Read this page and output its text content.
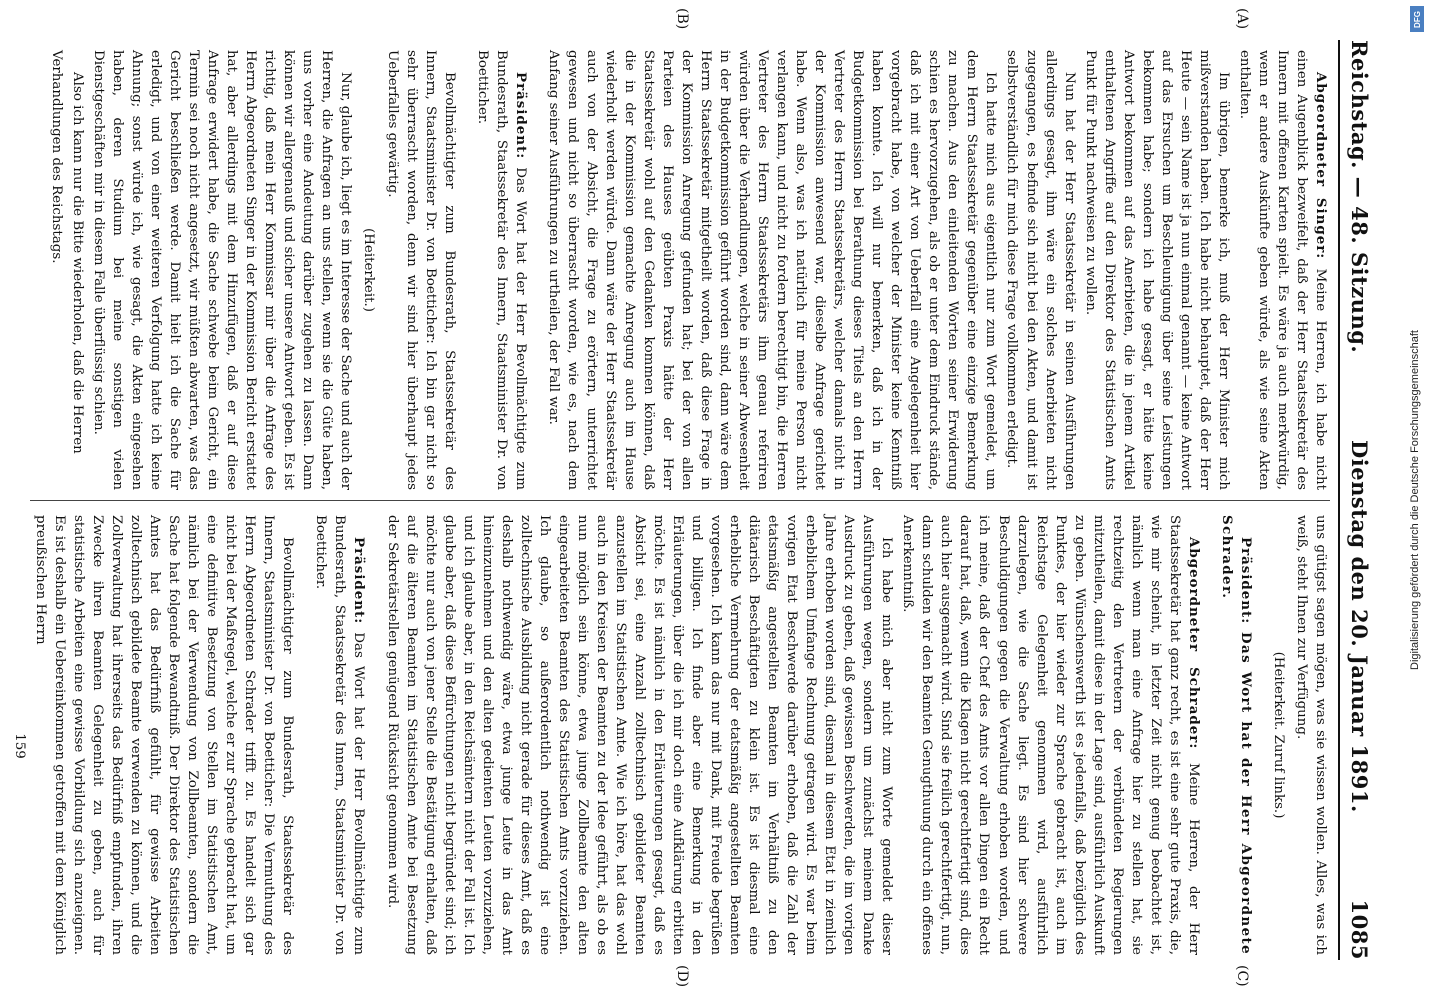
Reichstag. — 48. Sitzung.
Dienstag den 20. Januar 1891.
1085
(A)
(B)
(C)
(D)

Abgeordneter Singer: Meine Herren, ich habe nicht einen Augenblick bezweifelt, daß der Herr Staatssekretär des Innern mit offenen Karten spielt. Es wäre ja auch merkwürdig, wenn er andere Auskünfte geben würde, als wie seine Akten enthalten.

Im übrigen, bemerke ich, muß der Herr Minister mich mißverstanden haben. Ich habe nicht behauptet, daß der Herr Heute — sein Name ist ja nun einmal genannt — keine Antwort auf das Ersuchen um Beschleunigung über seine Leistungen bekommen habe; sondern ich habe gesagt, er hätte keine Antwort bekommen auf das Anerbieten, die in jenem Artikel enthaltenen Angriffe auf den Direktor des Statistischen Amts Punkt für Punkt nachweisen zu wollen.

Nun hat der Herr Staatssekretär in seinen Ausführungen allerdings gesagt, ihm wäre ein solches Anerbieten nicht zugegangen, es befinde sich nicht bei den Akten, und damit ist selbstverständlich für mich diese Frage vollkommen erledigt.

Ich hatte mich aus eigentlich nur zum Wort gemeldet, um dem Herrn Staatssekretär gegenüber eine einzige Bemerkung zu machen. Aus den einleitenden Worten seiner Erwiderung schien es hervorzugehen, als ob er unter dem Eindruck stände, daß ich mit einer Art von Ueberfall eine Angelegenheit hier vorgebracht habe, von welcher der Minister keine Kenntniß haben konnte. Ich will nur bemerken, daß ich in der Budgetkommission bei Berathung dieses Titels an den Herrn Vertreter des Herrn Staatssekretärs, welcher damals nicht in der Kommission anwesend war, dieselbe Anfrage gerichtet habe. Wenn also, was ich natürlich für meine Person nicht verlangen kann, und nicht zu fordern berechtigt bin, die Herren Vertreter des Herrn Staatssekretärs ihm genau referiren würden über die Verhandlungen, welche in seiner Abwesenheit in der Budgetkommission geführt worden sind, dann wäre dem Herrn Staatssekretär mitgetheilt worden, daß diese Frage in der Kommission Anregung gefunden hat; bei der von allen Parteien des Hauses geübten Praxis hätte der Herr Staatssekretär wohl auf den Gedanken kommen können, daß die in der Kommission gemachte Anregung auch im Hause wiederholt werden würde. Dann wäre der Herr Staatssekretär auch von der Absicht, die Frage zu erörtern, unterrichtet gewesen und nicht so überrascht worden, wie es, nach dem Anfang seiner Ausführungen zu urtheilen, der Fall war.

Präsident: Das Wort hat der Herr Bevollmächtigte zum Bundesrath, Staatssekretär des Innern, Staatsminister Dr. von Boetticher.

Bevollmächtigter zum Bundesrath, Staatssekretär des Innern, Staatsminister Dr. von Boetticher: Ich bin gar nicht so sehr überrascht worden, denn wir sind hier überhaupt jedes Ueberfalles gewärtig.

(Heiterkeit.)

Nur, glaube ich, liegt es im Interesse der Sache und auch der Herren, die Anfragen an uns stellen, wenn sie die Güte haben, uns vorher eine Andeutung darüber zugehen zu lassen. Dann können wir allergenauß und sicher unsere Antwort geben. Es ist richtig, daß mein Herr Kommissar mir über die Anfrage des Herrn Abgeordneten Singer in der Kommission Bericht erstattet hat, aber allerdings mit dem Hinzufügen, daß er auf diese Anfrage erwidert habe, die Sache schwebe beim Gericht, ein Termin sei noch nicht angesetzt, wir müßten abwarten, was das Gericht beschließen werde. Damit hielt ich die Sache für erledigt, und von einer weiteren Verfolgung hatte ich keine Ahnung; sonst würde ich, wie gesagt, die Akten eingesehen haben, deren Studium bei meine sonstigen vielen Dienstgeschäften mir in diesem Falle überflüssig schien.

Also ich kann nur die Bitte wiederholen, daß die Herren

Verhandlungen des Reichstags.

uns gütigst sagen mögen, was sie wissen wollen. Alles, was ich weiß, steht Ihnen zur Verfügung.

(Heiterkeit. Zuruf links.)

Präsident: Das Wort hat der Herr Abgeordnete Schrader.

Abgeordneter Schrader: Meine Herren, der Herr Staatssekretär hat ganz recht, es ist eine sehr gute Praxis, die, wie mir scheint, in letzter Zeit nicht genug beobachtet ist, nämlich wenn man eine Anfrage hier zu stellen hat, sie rechtzeitig den Vertretern der verbündeten Regierungen mitzutheilen, damit diese in der Lage sind, ausführlich Auskunft zu geben. Wünschenswerth ist es jedenfalls, daß bezüglich des Punktes, der hier wieder zur Sprache gebracht ist, auch im Reichstage Gelegenheit genommen wird, ausführlich darzulegen, wie die Sache liegt. Es sind hier schwere Beschuldigungen gegen die Verwaltung erhoben worden, und ich meine, daß der Chef des Amts vor allen Dingen ein Recht darauf hat, daß, wenn die Klagen nicht gerechtfertigt sind, dies auch hier ausgemacht wird. Sind sie freilich gerechtfertigt, nun, dann schulden wir den Beamten Genugthuung durch ein offenes Anerkenntniß.

Ich habe mich aber nicht zum Worte gemeldet dieser Ausführungen wegen, sondern um zunächst meinem Danke Ausdruck zu geben, daß gewissen Beschwerden, die im vorigen Jahre erhoben worden sind, diesmal in diesem Etat in ziemlich erheblichem Umfange Rechnung getragen wird. Es war beim vorigen Etat Beschwerde darüber erhoben, daß die Zahl der etatsmäßig angestellten Beamten im Verhältniß zu den diätarisch Beschäftigten zu klein ist. Es ist diesmal eine erhebliche Vermehrung der etatsmäßig angestellten Beamten vorgesehen. Ich kann das nur mit Dank, mit Freude begrüßen und billigen. Ich finde aber eine Bemerkung in den Erläuterungen, über die ich mir doch eine Aufklärung erbitten möchte. Es ist nämlich in den Erläuterungen gesagt, daß es Absicht sei, eine Anzahl zolltechnisch gebildeter Beamten anzustellen im Statistischen Amte. Wie ich höre, hat das wohl auch in den Kreisen der Beamten zu der Idee geführt, als ob es nun möglich sein könne, etwa junge Zollbeamte den alten eingearbeiteten Beamten des Statistischen Amts vorzuziehen. Ich glaube, so außerordentlich nothwendig ist eine zolltechnische Ausbildung nicht gerade für dieses Amt, daß es deshalb nothwendig wäre, etwa junge Leute in das Amt hineinzunehmen und den alten gedienten Leuten vorzuziehen, und ich glaube aber, in den Reichsämtern nicht der Fall ist. Ich glaube aber, daß diese Befürchtungen nicht begründet sind; ich möchte nur auch von jener Stelle die Bestätigung erhalten, daß auf die älteren Beamten im Statistischen Amte bei Besetzung der Sekretärstellen genügend Rücksicht genommen wird.

Präsident: Das Wort hat der Herr Bevollmächtigte zum Bundesrath, Staatssekretär des Innern, Staatsminister Dr. von Boetticher.

Bevollmächtigter zum Bundesrath, Staatssekretär des Innern, Staatsminister Dr. von Boetticher: Die Vermuthung des Herrn Abgeordneten Schrader trifft zu. Es handelt sich gar nicht bei der Maßregel, welche er zur Sprache gebracht hat, um eine definitive Besetzung von Stellen im Statistischen Amt, nämlich bei der Verwendung von Zollbeamten, sondern die Sache hat folgende Bewandtniß. Der Direktor des Statistischen Amtes hat das Bedürfniß gefühlt, für gewisse Arbeiten zolltechnisch gebildete Beamte verwenden zu können, und die Zollverwaltung hat ihrerseits das Bedürfniß empfunden, ihren Zwecke ihren Beamten Gelegenheit zu geben, auch für statistische Arbeiten eine gewisse Vorbildung sich anzueignen. Es ist deshalb ein Uebereinkommen getroffen mit dem Königlich preußischen Herrn

159

DFG
Digitalisierung gefördert durch die Deutsche Forschungsgemeinschaft
